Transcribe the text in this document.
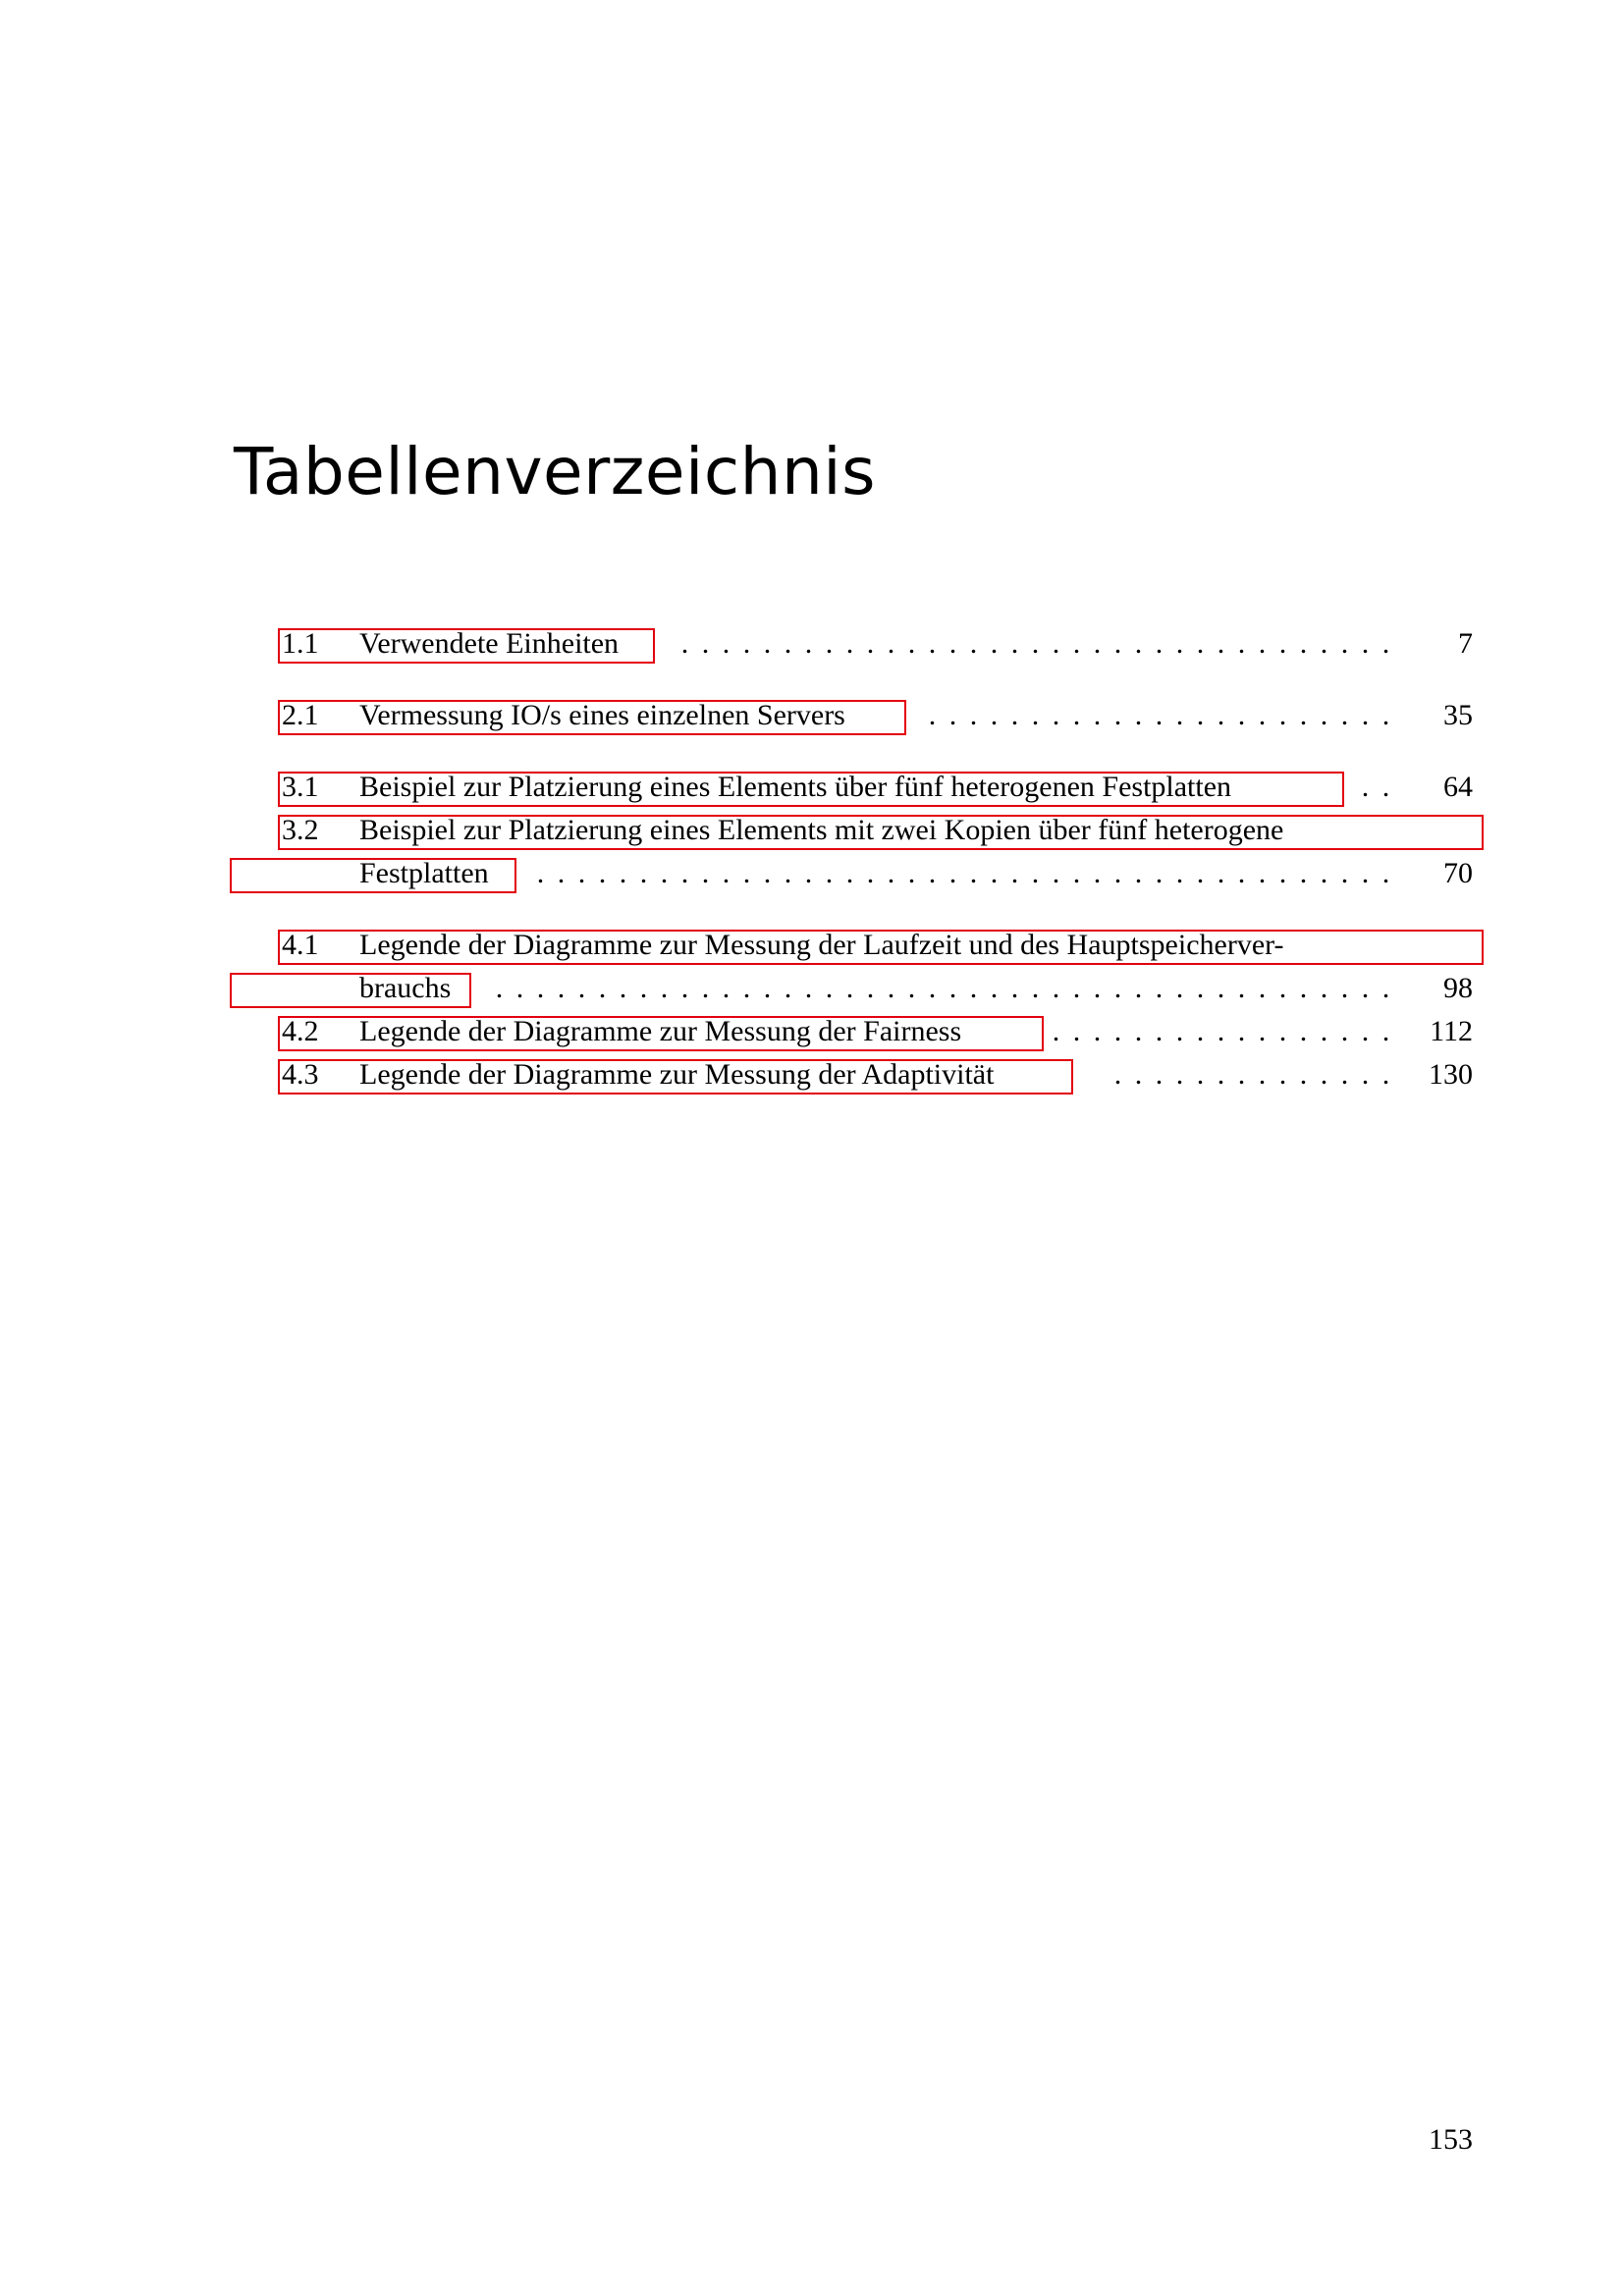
Tabellenverzeichnis
1.1 Verwendete Einheiten . . . . . . . . . . . . . . . . . . . . . . . . . . . . . . . . . . .	7
2.1 Vermessung IO/s eines einzelnen Servers	. . . . . . . . . . . . . . . . . . . . . . .	35
3.1 Beispiel zur Platzierung eines Elements über fünf heterogenen Festplatten	. .	64
3.2 Beispiel zur Platzierung eines Elements mit zwei Kopien über fünf heterogene
Festplatten . . . . . . . . . . . . . . . . . . . . . . . . . . . . . . . . . . . . . . . . . .	70
4.1 Legende der Diagramme zur Messung der Laufzeit und des Hauptspeicherver-
brauchs . . . . . . . . . . . . . . . . . . . . . . . . . . . . . . . . . . . . . . . . . . . .	98
4.2 Legende der Diagramme zur Messung der Fairness	. . . . . . . . . . . . . . . . .	112
4.3 Legende der Diagramme zur Messung der Adaptivität	. . . . . . . . . . . . . .	130
153
